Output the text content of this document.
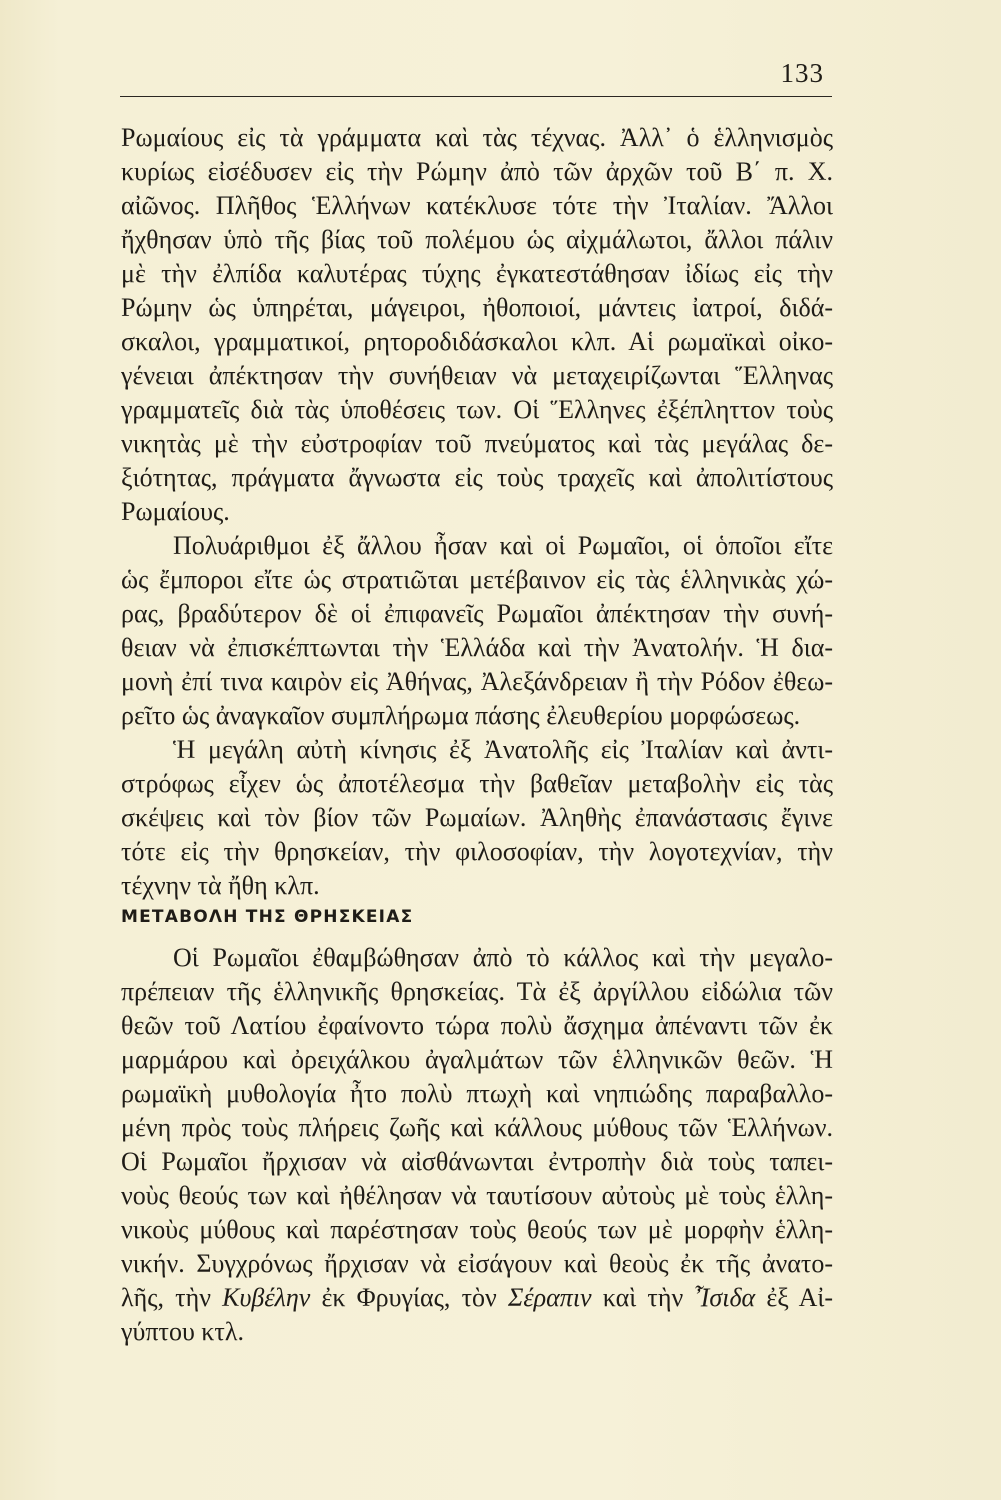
133
Ρωμαίους εἰς τὰ γράμματα καὶ τὰς τέχνας. Ἀλλ᾽ ὁ ἑλληνισμὸς
κυρίως εἰσέδυσεν εἰς τὴν Ρώμην ἀπὸ τῶν ἀρχῶν τοῦ Β΄ π. Χ.
αἰῶνος. Πλῆθος Ἑλλήνων κατέκλυσε τότε τὴν Ἰταλίαν. Ἄλλοι
ἤχθησαν ὑπὸ τῆς βίας τοῦ πολέμου ὡς αἰχμάλωτοι, ἄλλοι πάλιν
μὲ τὴν ἐλπίδα καλυτέρας τύχης ἐγκατεστάθησαν ἰδίως εἰς τὴν
Ρώμην ὡς ὑπηρέται, μάγειροι, ἠθοποιοί, μάντεις ἰατροί, διδά-
σκαλοι, γραμματικοί, ρητοροδιδάσκαλοι κλπ. Αἱ ρωμαϊκαὶ οἰκο-
γένειαι ἀπέκτησαν τὴν συνήθειαν νὰ μεταχειρίζωνται Ἕλληνας
γραμματεῖς διὰ τὰς ὑποθέσεις των. Οἱ Ἕλληνες ἐξέπληττον τοὺς
νικητὰς μὲ τὴν εὐστροφίαν τοῦ πνεύματος καὶ τὰς μεγάλας δε-
ξιότητας, πράγματα ἄγνωστα εἰς τοὺς τραχεῖς καὶ ἀπολιτίστους
Ρωμαίους.
Πολυάριθμοι ἐξ ἄλλου ἦσαν καὶ οἱ Ρωμαῖοι, οἱ ὁποῖοι εἴτε
ὡς ἔμποροι εἴτε ὡς στρατιῶται μετέβαινον εἰς τὰς ἑλληνικὰς χώ-
ρας, βραδύτερον δὲ οἱ ἐπιφανεῖς Ρωμαῖοι ἀπέκτησαν τὴν συνή-
θειαν νὰ ἐπισκέπτωνται τὴν Ἑλλάδα καὶ τὴν Ἀνατολήν. Ἡ δια-
μονὴ ἐπί τινα καιρὸν εἰς Ἀθήνας, Ἀλεξάνδρειαν ἢ τὴν Ρόδον ἐθεω-
ρεῖτο ὡς ἀναγκαῖον συμπλήρωμα πάσης ἐλευθερίου μορφώσεως.
Ἡ μεγάλη αὐτὴ κίνησις ἐξ Ἀνατολῆς εἰς Ἰταλίαν καὶ ἀντι-
στρόφως εἶχεν ὡς ἀποτέλεσμα τὴν βαθεῖαν μεταβολὴν εἰς τὰς
σκέψεις καὶ τὸν βίον τῶν Ρωμαίων. Ἀληθὴς ἐπανάστασις ἔγινε
τότε εἰς τὴν θρησκείαν, τὴν φιλοσοφίαν, τὴν λογοτεχνίαν, τὴν
τέχνην τὰ ἤθη κλπ.
ΜΕΤΑΒΟΛΗ ΤΗΣ ΘΡΗΣΚΕΙΑΣ
Οἱ Ρωμαῖοι ἐθαμβώθησαν ἀπὸ τὸ κάλλος καὶ τὴν μεγαλο-
πρέπειαν τῆς ἑλληνικῆς θρησκείας. Τὰ ἐξ ἀργίλλου εἰδώλια τῶν
θεῶν τοῦ Λατίου ἐφαίνοντο τώρα πολὺ ἄσχημα ἀπέναντι τῶν ἐκ
μαρμάρου καὶ ὀρειχάλκου ἀγαλμάτων τῶν ἑλληνικῶν θεῶν. Ἡ
ρωμαϊκὴ μυθολογία ἦτο πολὺ πτωχὴ καὶ νηπιώδης παραβαλλο-
μένη πρὸς τοὺς πλήρεις ζωῆς καὶ κάλλους μύθους τῶν Ἑλλήνων.
Οἱ Ρωμαῖοι ἤρχισαν νὰ αἰσθάνωνται ἐντροπὴν διὰ τοὺς ταπει-
νοὺς θεούς των καὶ ἠθέλησαν νὰ ταυτίσουν αὐτοὺς μὲ τοὺς ἑλλη-
νικοὺς μύθους καὶ παρέστησαν τοὺς θεούς των μὲ μορφὴν ἑλλη-
νικήν. Συγχρόνως ἤρχισαν νὰ εἰσάγουν καὶ θεοὺς ἐκ τῆς ἀνατο-
λῆς, τὴν Κυβέλην ἐκ Φρυγίας, τὸν Σέραπιν καὶ τὴν Ἶσιδα ἐξ Αἰ-
γύπτου κτλ.
